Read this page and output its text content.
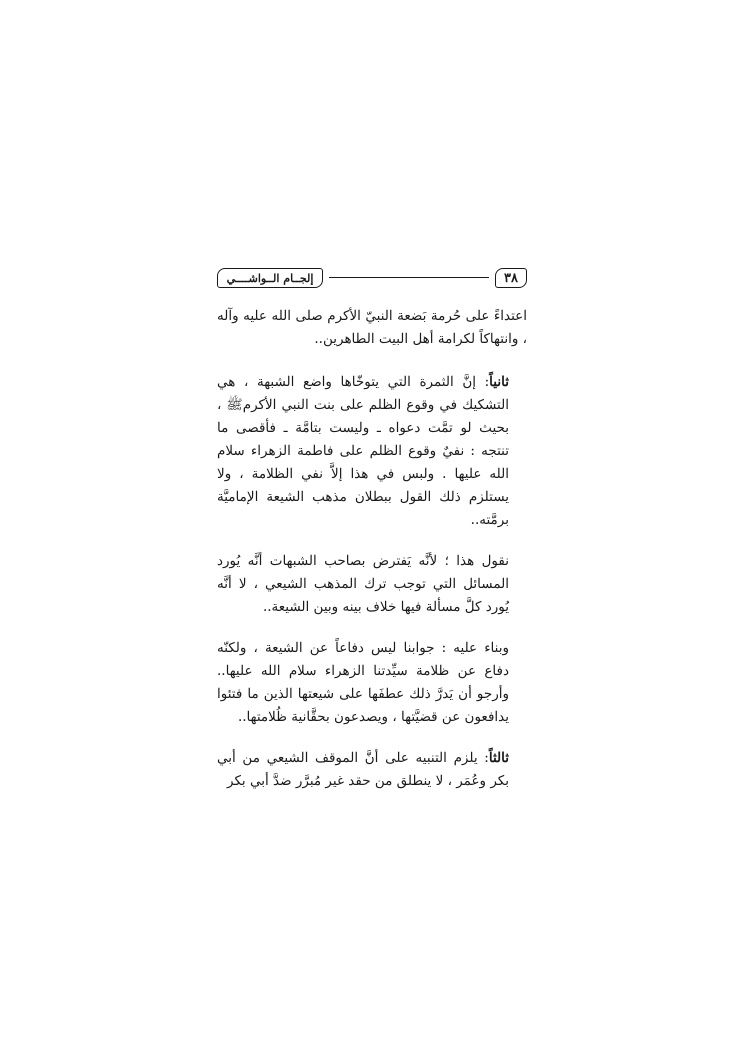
٣٨
إلجــام الــواشــــي

اعتداءً على حُرمة بَضعة النبيّ الأكرم صلى الله عليه وآله ، وانتهاكاً لكرامة أهل البيت الطاهرين..

ثانياً: إنَّ الثمرة التي يتوخّاها واضع الشبهة ، هي التشكيك في وقوع الظلم على بنت النبي الأكرمﷺ ، بحيث لو تمَّت دعواه ـ وليست بتامَّة ـ فأقصى ما تنتجه : نفيٌ وقوع الظلم على فاطمة الزهراء سلام الله عليها . ولبس في هذا إلاَّ نفي الظلامة ، ولا يستلزم ذلك القول ببطلان مذهب الشيعة الإماميَّة برمَّته..

نقول هذا ؛ لأنَّه يَفترض بصاحب الشبهات أنَّه يُورد المسائل التي توجب ترك المذهب الشيعي ، لا أنَّه يُورد كلَّ مسألة فيها خلاف بينه وبين الشيعة..

وبناء عليه : جوابنا ليس دفاعاً عن الشيعة ، ولكنّه دفاع عن ظلامة سيِّدتنا الزهراء سلام الله عليها.. وأرجو أن يَدرَّ ذلك عطفَها على شيعتها الذين ما فتئوا يدافعون عن قضيَّتها ، ويصدعون بحقَّانية ظُلامتها..

ثالثاً: يلزم التنبيه على أنَّ الموقف الشيعي من أبي بكر وعُمَر ، لا ينطلق من حقد غير مُبرَّر ضدَّ أبي بكر
